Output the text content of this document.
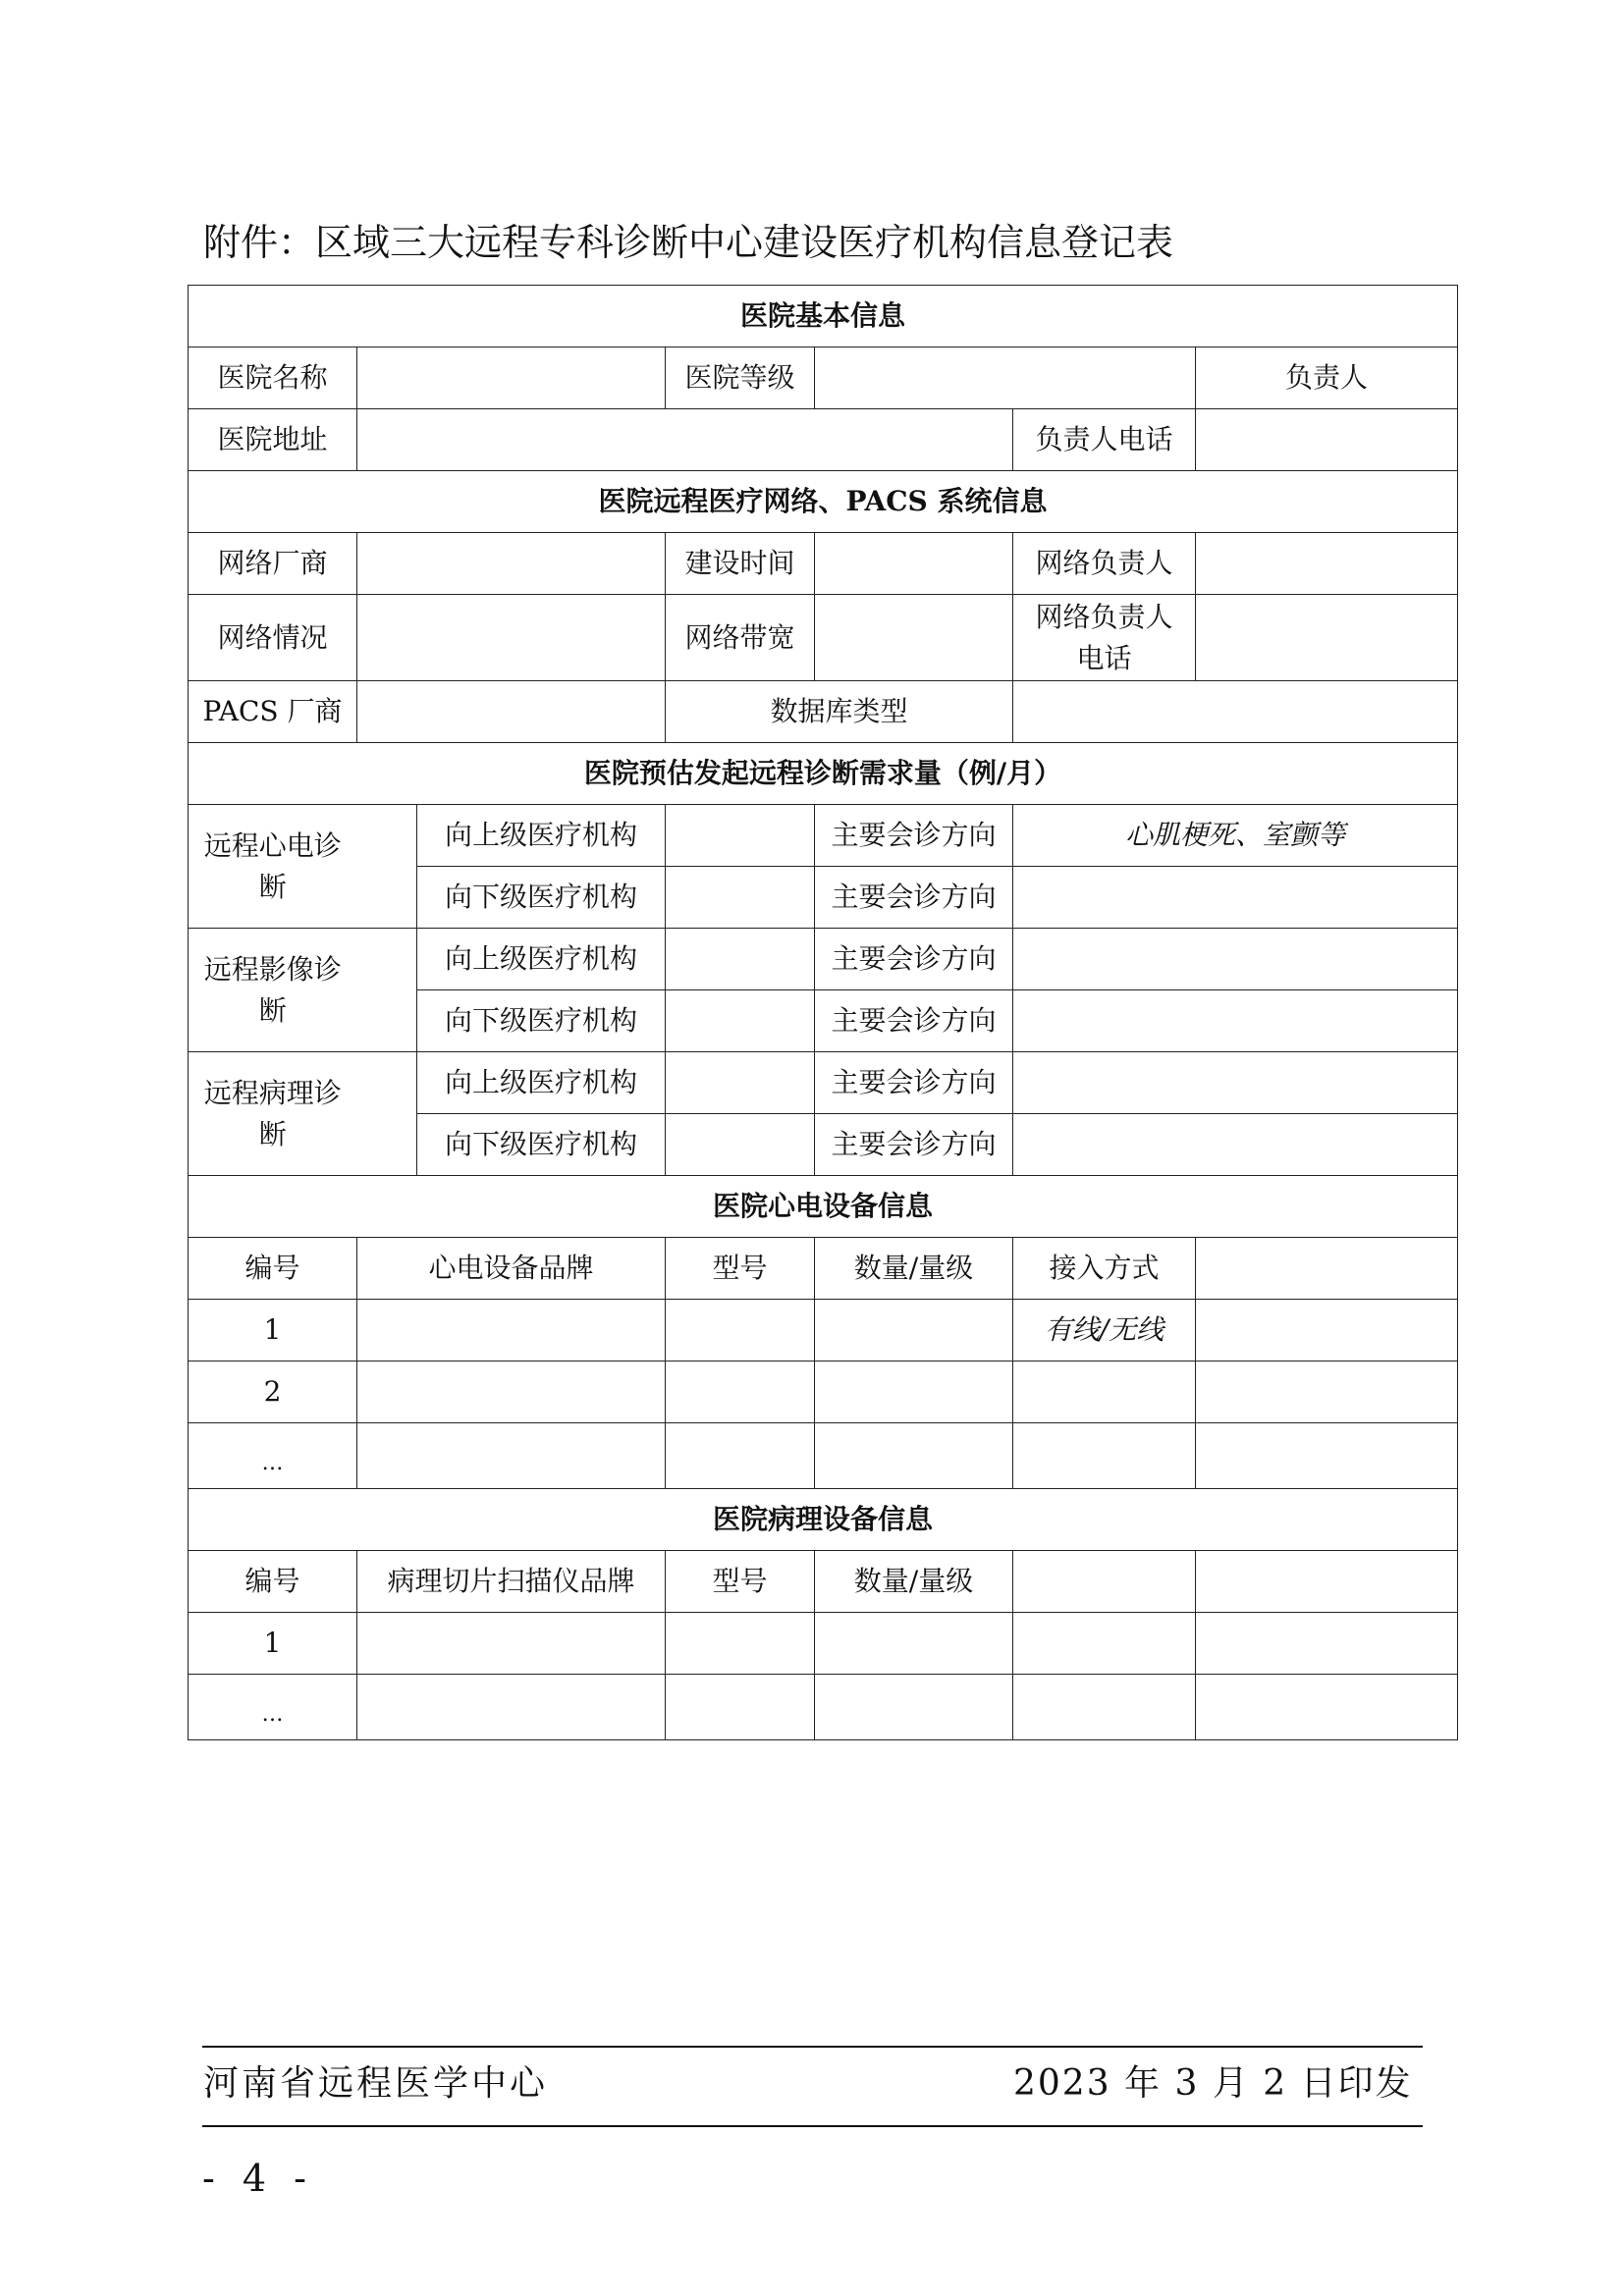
附件：区域三大远程专科诊断中心建设医疗机构信息登记表
医院基本信息						
医院名称			医院等级			负责人
医院地址					负责人电话	
医院远程医疗网络、PACS 系统信息						
网络厂商			建设时间		网络负责人	
网络情况			网络带宽		网络负责人
电话	
PACS 厂商			数据库类型			
医院预估发起远程诊断需求量（例/月）						
远程心电诊断		向上级医疗机构		主要会诊方向	心肌梗死、室颤等	
		向下级医疗机构		主要会诊方向		
远程影像诊断		向上级医疗机构		主要会诊方向		
		向下级医疗机构		主要会诊方向		
远程病理诊断		向上级医疗机构		主要会诊方向		
		向下级医疗机构		主要会诊方向		
医院心电设备信息						
编号	心电设备品牌		型号	数量/量级	接入方式	
1					有线/无线	
2						
…						
医院病理设备信息						
编号	病理切片扫描仪品牌		型号	数量/量级		
1						
…						
河南省远程医学中心	2023 年 3 月 2 日印发
- 4 -
